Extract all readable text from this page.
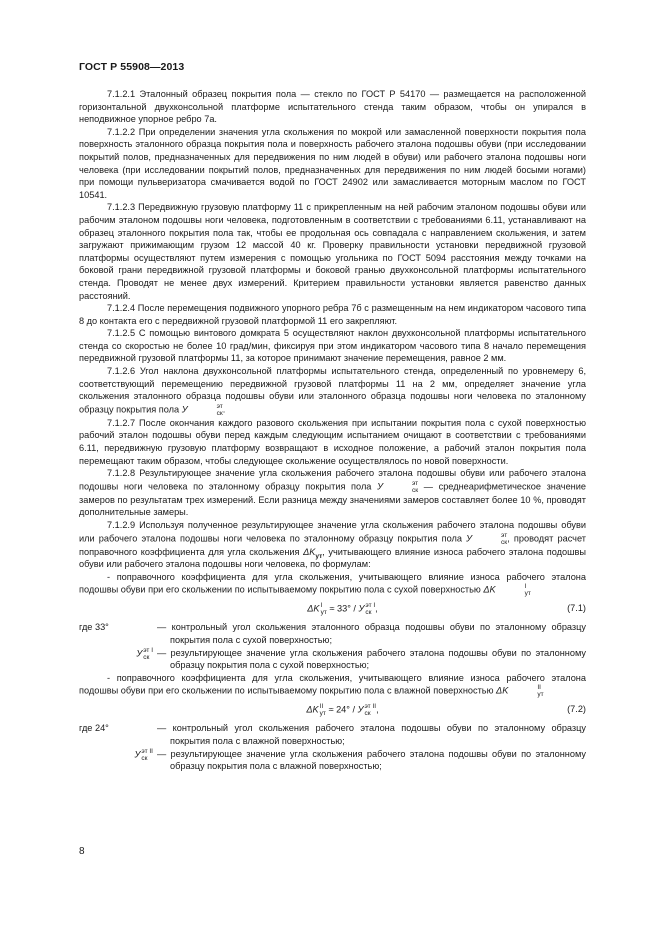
ГОСТ Р 55908—2013

7.1.2.1 Эталонный образец покрытия пола — стекло по ГОСТ Р 54170 — размещается на расположенной горизонтальной двухконсольной платформе испытательного стенда таким образом, чтобы он упирался в неподвижное упорное ребро 7а.

7.1.2.2 При определении значения угла скольжения по мокрой или замасленной поверхности покрытия пола поверхность эталонного образца покрытия пола и поверхность рабочего эталона подошвы обуви (при исследовании покрытий полов, предназначенных для передвижения по ним людей в обуви) или рабочего эталона подошвы ноги человека (при исследовании покрытий полов, предназначенных для передвижения по ним людей босыми ногами) при помощи пульверизатора смачивается водой по ГОСТ 24902 или замасливается моторным маслом по ГОСТ 10541.

7.1.2.3 Передвижную грузовую платформу 11 с прикрепленным на ней рабочим эталоном подошвы обуви или рабочим эталоном подошвы ноги человека, подготовленным в соответствии с требованиями 6.11, устанавливают на образец эталонного покрытия пола так, чтобы ее продольная ось совпадала с направлением скольжения, и затем загружают прижимающим грузом 12 массой 40 кг. Проверку правильности установки передвижной грузовой платформы осуществляют путем измерения с помощью угольника по ГОСТ 5094 расстояния между точками на боковой грани передвижной грузовой платформы и боковой гранью двухконсольной платформы испытательного стенда. Проводят не менее двух измерений. Критерием правильности установки является равенство данных расстояний.

7.1.2.4 После перемещения подвижного упорного ребра 7б с размещенным на нем индикатором часового типа 8 до контакта его с передвижной грузовой платформой 11 его закрепляют.

7.1.2.5 С помощью винтового домкрата 5 осуществляют наклон двухконсольной платформы испытательного стенда со скоростью не более 10 град/мин, фиксируя при этом индикатором часового типа 8 начало перемещения передвижной грузовой платформы 11, за которое принимают значение перемещения, равное 2 мм.

7.1.2.6 Угол наклона двухконсольной платформы испытательного стенда, определенный по уровнемеру 6, соответствующий перемещению передвижной грузовой платформы 11 на 2 мм, определяет значение угла скольжения эталонного образца подошвы обуви или эталонного образца подошвы ноги человека по эталонному образцу покрытия пола У	эт
ск .

7.1.2.7 После окончания каждого разового скольжения при испытании покрытия пола с сухой поверхностью рабочий эталон подошвы обуви перед каждым следующим испытанием очищают в соответствии с требованиями 6.11, передвижную грузовую платформу возвращают в исходное положение, а рабочий эталон покрытия пола перемещают таким образом, чтобы следующее скольжение осуществлялось по новой поверхности.

7.1.2.8 Результирующее значение угла скольжения рабочего эталона подошвы обуви или рабочего эталона подошвы ноги человека по эталонному образцу покрытия пола У	эт
ск — среднеарифметическое значение замеров по результатам трех измерений. Если разница между значениями замеров составляет более 10 %, проводят дополнительные замеры.

7.1.2.9 Используя полученное результирующее значение угла скольжения рабочего эталона подошвы обуви или рабочего эталона подошвы ноги человека по эталонному образцу покрытия пола У	эт
ск , проводят расчет поправочного коэффициента для угла скольжения $\Delta K_{ут}$, учитывающего влияние износа рабочего эталона подошвы обуви или рабочего эталона подошвы ноги человека, по формулам:

- поправочного коэффициента для угла скольжения, учитывающего влияние износа рабочего эталона подошвы обуви при его скольжении по испытываемому покрытию пола с сухой поверхностью ΔK	I
ут

ΔK I
ут ≈ 33° / У эт I
ск ,	(7.1)
где 33°	— контрольный угол скольжения эталонного образца подошвы обуви по эталонному образцу покрытия пола с сухой поверхностью;

У эт I
ск	— результирующее значение угла скольжения рабочего эталона подошвы обуви по эталонному образцу покрытия пола с сухой поверхностью;

- поправочного коэффициента для угла скольжения, учитывающего влияние износа рабочего эталона подошвы обуви при его скольжении по испытываемому покрытию пола с влажной поверхностью ΔK	II
ут

ΔK II
ут ≈ 24° / У эт II
ск ,	(7.2)
где 24°	— контрольный угол скольжения рабочего эталона подошвы обуви по эталонному образцу покрытия пола с влажной поверхностью;

У эт II
ск	— результирующее значение угла скольжения рабочего эталона подошвы обуви по эталонному образцу покрытия пола с влажной поверхностью;
8
